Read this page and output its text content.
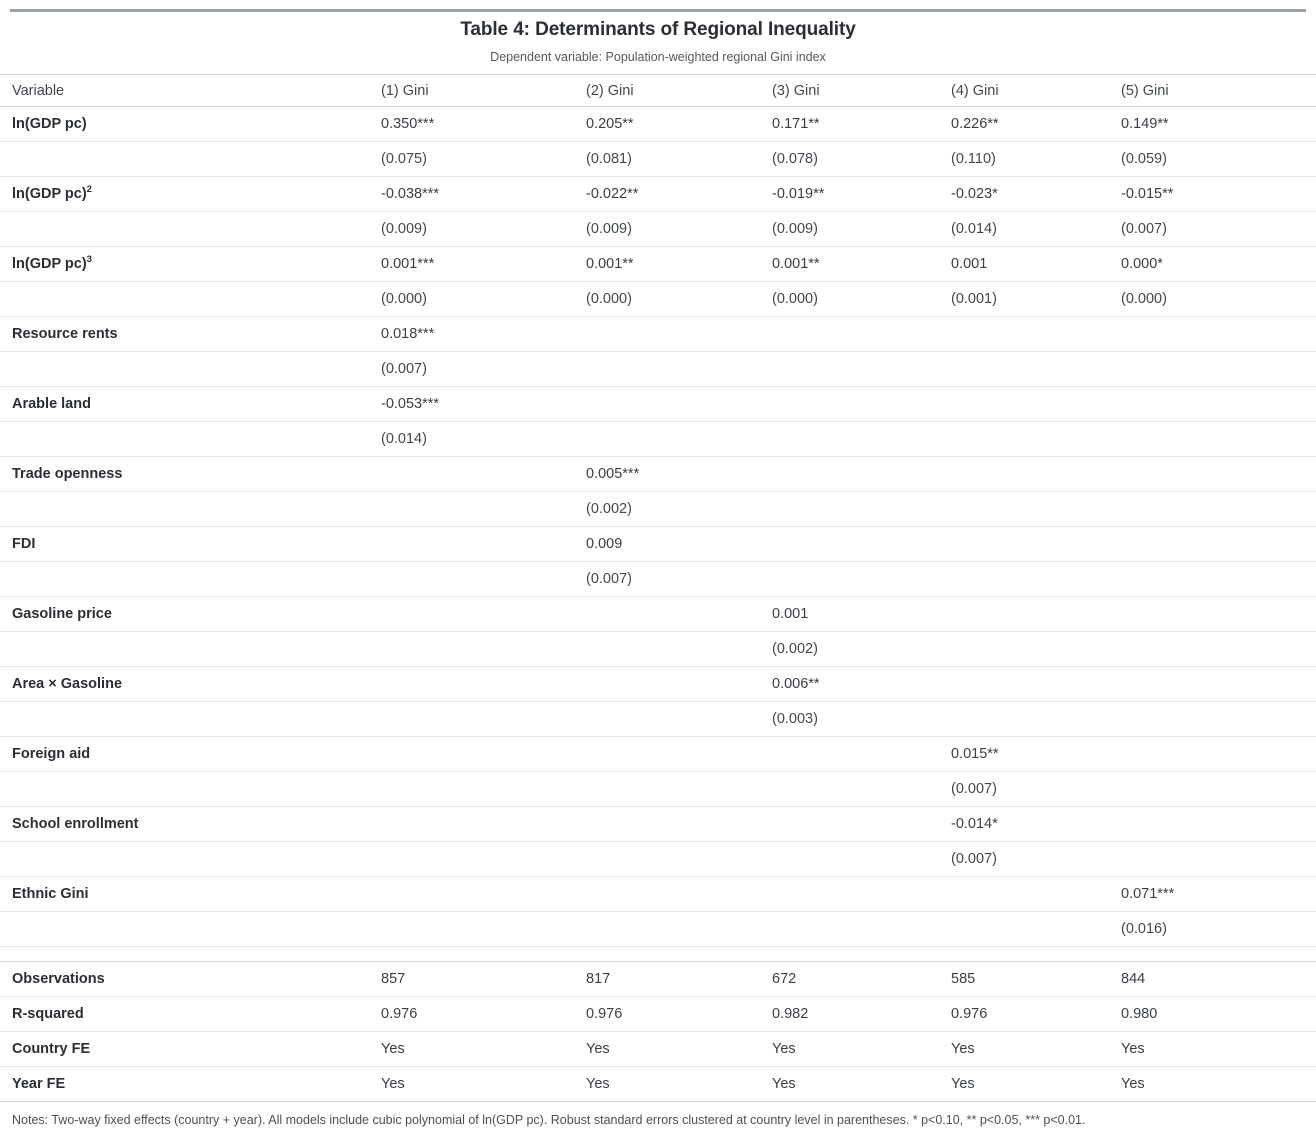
Table 4: Determinants of Regional Inequality
Dependent variable: Population-weighted regional Gini index
Variable	(1) Gini	(2) Gini	(3) Gini	(4) Gini	(5) Gini
ln(GDP pc)	0.350***	0.205**	0.171**	0.226**	0.149**
	(0.075)	(0.081)	(0.078)	(0.110)	(0.059)
ln(GDP pc)$^2$	-0.038***	-0.022**	-0.019**	-0.023*	-0.015**
	(0.009)	(0.009)	(0.009)	(0.014)	(0.007)
ln(GDP pc)$^3$	0.001***	0.001**	0.001**	0.001	0.000*
	(0.000)	(0.000)	(0.000)	(0.001)	(0.000)
Resource rents	0.018***				
	(0.007)				
Arable land	-0.053***				
	(0.014)				
Trade openness		0.005***			
		(0.002)			
FDI		0.009			
		(0.007)			
Gasoline price			0.001		
			(0.002)		
Area × Gasoline			0.006**		
			(0.003)		
Foreign aid				0.015**	
				(0.007)	
School enrollment				-0.014*	
				(0.007)	
Ethnic Gini					0.071***
					(0.016)

Observations	857	817	672	585	844
R-squared	0.976	0.976	0.982	0.976	0.980
Country FE	Yes	Yes	Yes	Yes	Yes
Year FE	Yes	Yes	Yes	Yes	Yes
Notes: Two-way fixed effects (country + year). All models include cubic polynomial of ln(GDP pc). Robust standard errors clustered at country level in parentheses. * p<0.10, ** p<0.05, *** p<0.01.
